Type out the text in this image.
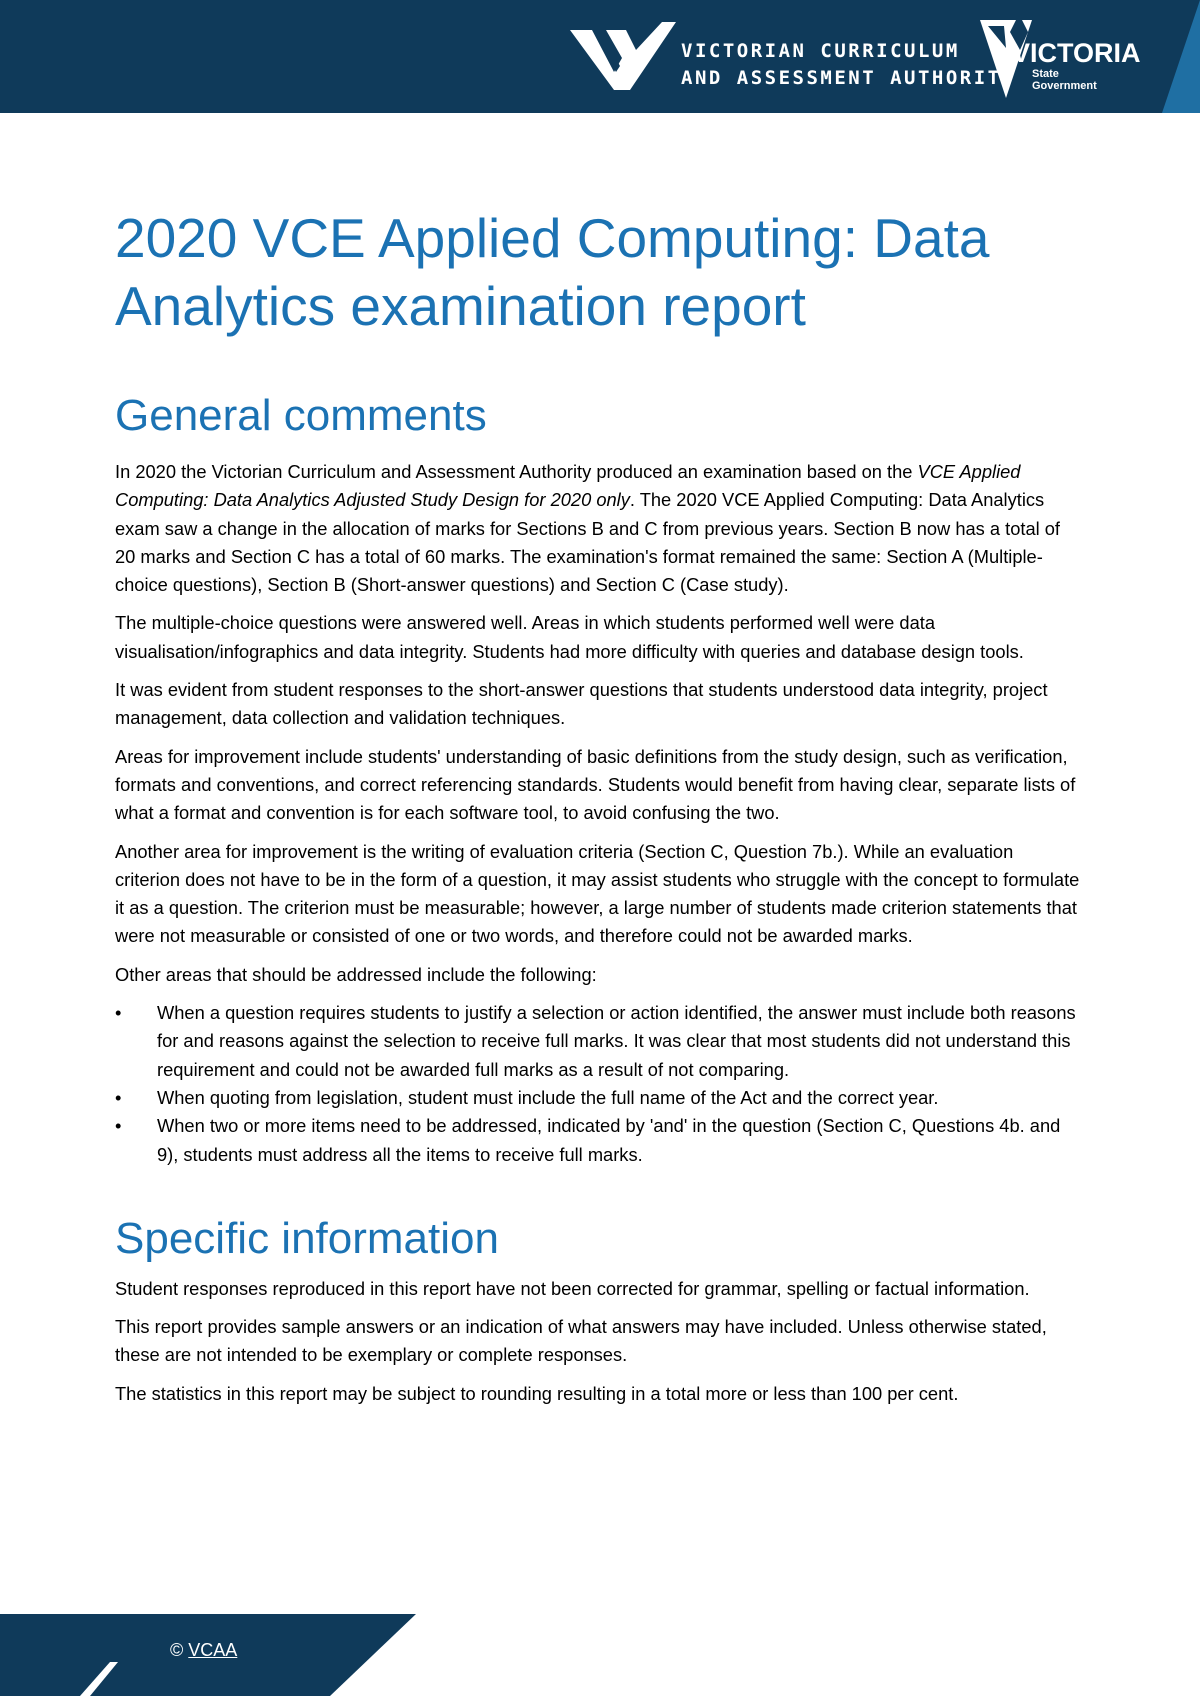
VICTORIAN CURRICULUM
AND ASSESSMENT AUTHORITY
VICTORIA
State
Government
2020 VCE Applied Computing: Data
Analytics examination report
General comments

In 2020 the Victorian Curriculum and Assessment Authority produced an examination based on the VCE Applied Computing: Data Analytics Adjusted Study Design for 2020 only. The 2020 VCE Applied Computing: Data Analytics exam saw a change in the allocation of marks for Sections B and C from previous years. Section B now has a total of 20 marks and Section C has a total of 60 marks. The examination's format remained the same: Section A (Multiple-choice questions), Section B (Short-answer questions) and Section C (Case study).

The multiple-choice questions were answered well. Areas in which students performed well were data visualisation/infographics and data integrity. Students had more difficulty with queries and database design tools.

It was evident from student responses to the short-answer questions that students understood data integrity, project management, data collection and validation techniques.

Areas for improvement include students' understanding of basic definitions from the study design, such as verification, formats and conventions, and correct referencing standards. Students would benefit from having clear, separate lists of what a format and convention is for each software tool, to avoid confusing the two.

Another area for improvement is the writing of evaluation criteria (Section C, Question 7b.). While an evaluation criterion does not have to be in the form of a question, it may assist students who struggle with the concept to formulate it as a question. The criterion must be measurable; however, a large number of students made criterion statements that were not measurable or consisted of one or two words, and therefore could not be awarded marks.

Other areas that should be addressed include the following:

•	When a question requires students to justify a selection or action identified, the answer must include both reasons for and reasons against the selection to receive full marks. It was clear that most students did not understand this requirement and could not be awarded full marks as a result of not comparing.
•	When quoting from legislation, student must include the full name of the Act and the correct year.
•	When two or more items need to be addressed, indicated by 'and' in the question (Section C, Questions 4b. and 9), students must address all the items to receive full marks.
Specific information

Student responses reproduced in this report have not been corrected for grammar, spelling or factual information.

This report provides sample answers or an indication of what answers may have included. Unless otherwise stated, these are not intended to be exemplary or complete responses.

The statistics in this report may be subject to rounding resulting in a total more or less than 100 per cent.

© VCAA
